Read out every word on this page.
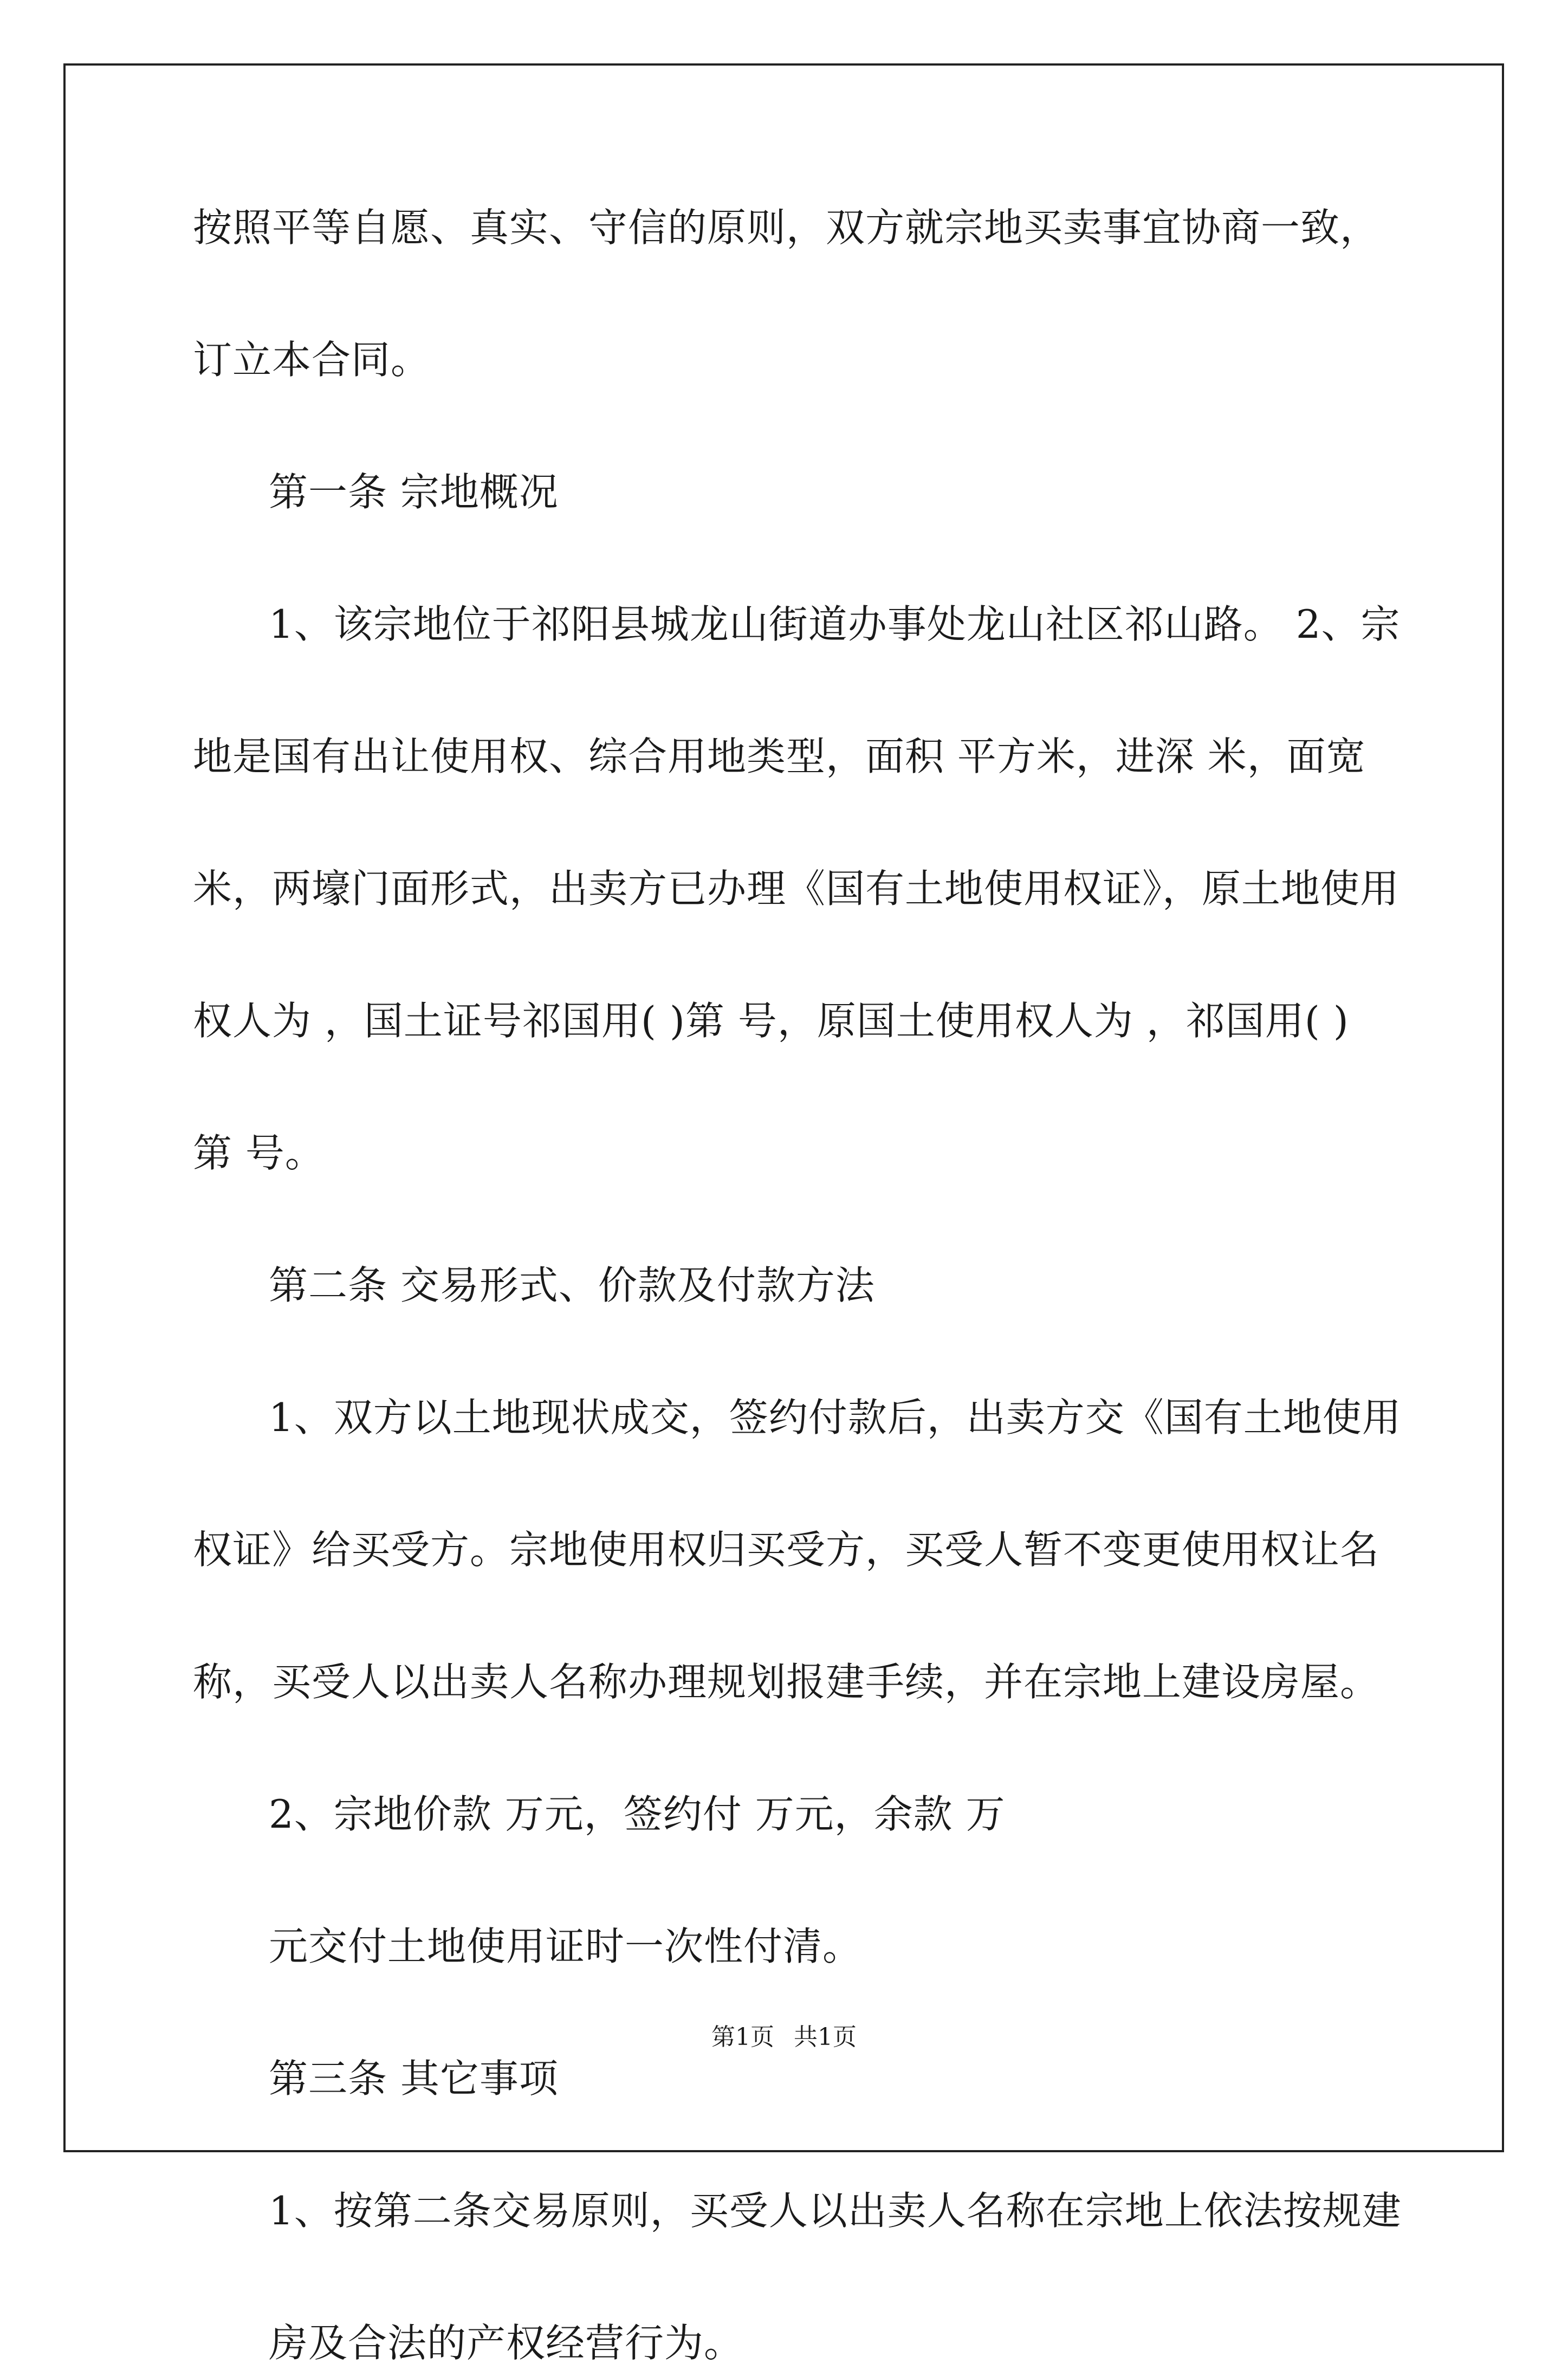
按照平等自愿、真实、守信的原则，双方就宗地买卖事宜协商一致，
订立本合同。
第一条 宗地概况
1、该宗地位于祁阳县城龙山街道办事处龙山社区祁山路。 2、宗
地是国有出让使用权、综合用地类型，面积 平方米，进深 米，面宽
米，两壕门面形式，出卖方已办理《国有土地使用权证》，原土地使用
权人为 ，国土证号祁国用( )第 号，原国土使用权人为 ，祁国用( )
第 号。
第二条 交易形式、价款及付款方法
1、双方以土地现状成交，签约付款后，出卖方交《国有土地使用
权证》给买受方。宗地使用权归买受方，买受人暂不变更使用权让名
称，买受人以出卖人名称办理规划报建手续，并在宗地上建设房屋。
2、宗地价款 万元，签约付 万元，余款 万
元交付土地使用证时一次性付清。
第三条 其它事项
1、按第二条交易原则，买受人以出卖人名称在宗地上依法按规建
房及合法的产权经营行为。
第1页 共1页
